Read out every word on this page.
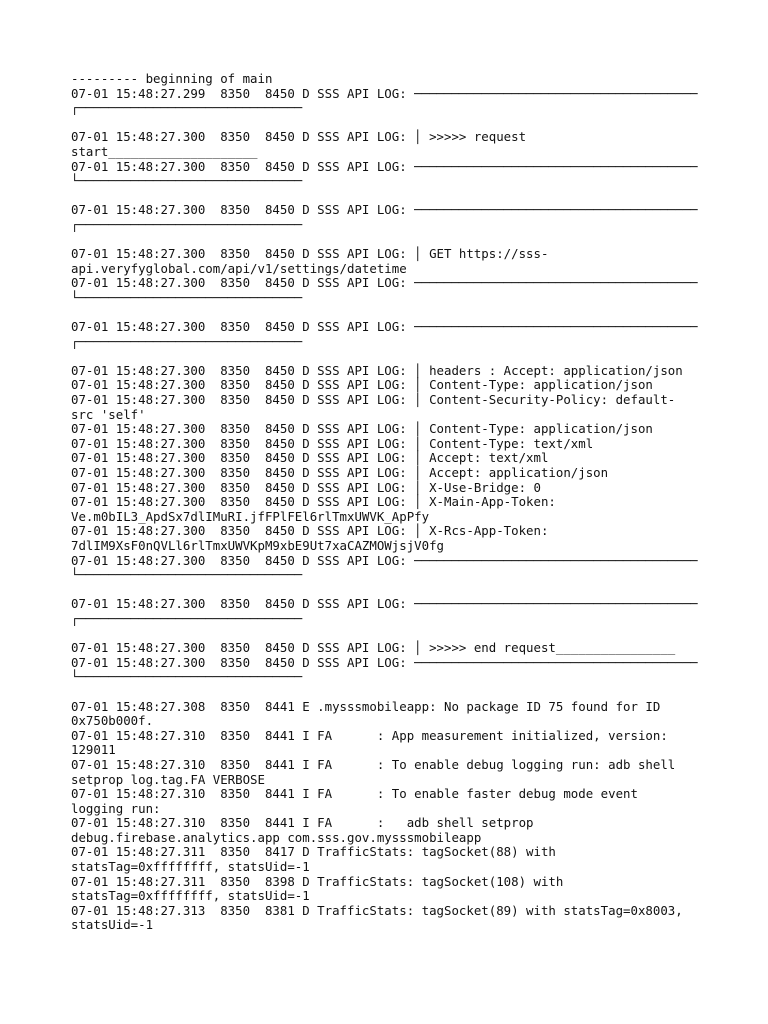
--------- beginning of main
07-01 15:48:27.299  8350  8450 D SSS API LOG: ──────────────────────────────────────
┌──────────────────────────────

07-01 15:48:27.300  8350  8450 D SSS API LOG: │ >>>>> request
start____________________
07-01 15:48:27.300  8350  8450 D SSS API LOG: ──────────────────────────────────────
└──────────────────────────────

07-01 15:48:27.300  8350  8450 D SSS API LOG: ──────────────────────────────────────
┌──────────────────────────────

07-01 15:48:27.300  8350  8450 D SSS API LOG: │ GET https://sss-
api.veryfyglobal.com/api/v1/settings/datetime
07-01 15:48:27.300  8350  8450 D SSS API LOG: ──────────────────────────────────────
└──────────────────────────────

07-01 15:48:27.300  8350  8450 D SSS API LOG: ──────────────────────────────────────
┌──────────────────────────────

07-01 15:48:27.300  8350  8450 D SSS API LOG: │ headers : Accept: application/json
07-01 15:48:27.300  8350  8450 D SSS API LOG: │ Content-Type: application/json
07-01 15:48:27.300  8350  8450 D SSS API LOG: │ Content-Security-Policy: default-
src 'self'
07-01 15:48:27.300  8350  8450 D SSS API LOG: │ Content-Type: application/json
07-01 15:48:27.300  8350  8450 D SSS API LOG: │ Content-Type: text/xml
07-01 15:48:27.300  8350  8450 D SSS API LOG: │ Accept: text/xml
07-01 15:48:27.300  8350  8450 D SSS API LOG: │ Accept: application/json
07-01 15:48:27.300  8350  8450 D SSS API LOG: │ X-Use-Bridge: 0
07-01 15:48:27.300  8350  8450 D SSS API LOG: │ X-Main-App-Token:
Ve.m0bIL3_ApdSx7dlIMuRI.jfFPlFEl6rlTmxUWVK_ApPfy
07-01 15:48:27.300  8350  8450 D SSS API LOG: │ X-Rcs-App-Token:
7dlIM9XsF0nQVLl6rlTmxUWVKpM9xbE9Ut7xaCAZMOWjsjV0fg
07-01 15:48:27.300  8350  8450 D SSS API LOG: ──────────────────────────────────────
└──────────────────────────────

07-01 15:48:27.300  8350  8450 D SSS API LOG: ──────────────────────────────────────
┌──────────────────────────────

07-01 15:48:27.300  8350  8450 D SSS API LOG: │ >>>>> end request________________
07-01 15:48:27.300  8350  8450 D SSS API LOG: ──────────────────────────────────────
└──────────────────────────────

07-01 15:48:27.308  8350  8441 E .mysssmobileapp: No package ID 75 found for ID
0x750b000f.
07-01 15:48:27.310  8350  8441 I FA      : App measurement initialized, version:
129011
07-01 15:48:27.310  8350  8441 I FA      : To enable debug logging run: adb shell
setprop log.tag.FA VERBOSE
07-01 15:48:27.310  8350  8441 I FA      : To enable faster debug mode event
logging run:
07-01 15:48:27.310  8350  8441 I FA      :   adb shell setprop
debug.firebase.analytics.app com.sss.gov.mysssmobileapp
07-01 15:48:27.311  8350  8417 D TrafficStats: tagSocket(88) with
statsTag=0xffffffff, statsUid=-1
07-01 15:48:27.311  8350  8398 D TrafficStats: tagSocket(108) with
statsTag=0xffffffff, statsUid=-1
07-01 15:48:27.313  8350  8381 D TrafficStats: tagSocket(89) with statsTag=0x8003,
statsUid=-1
